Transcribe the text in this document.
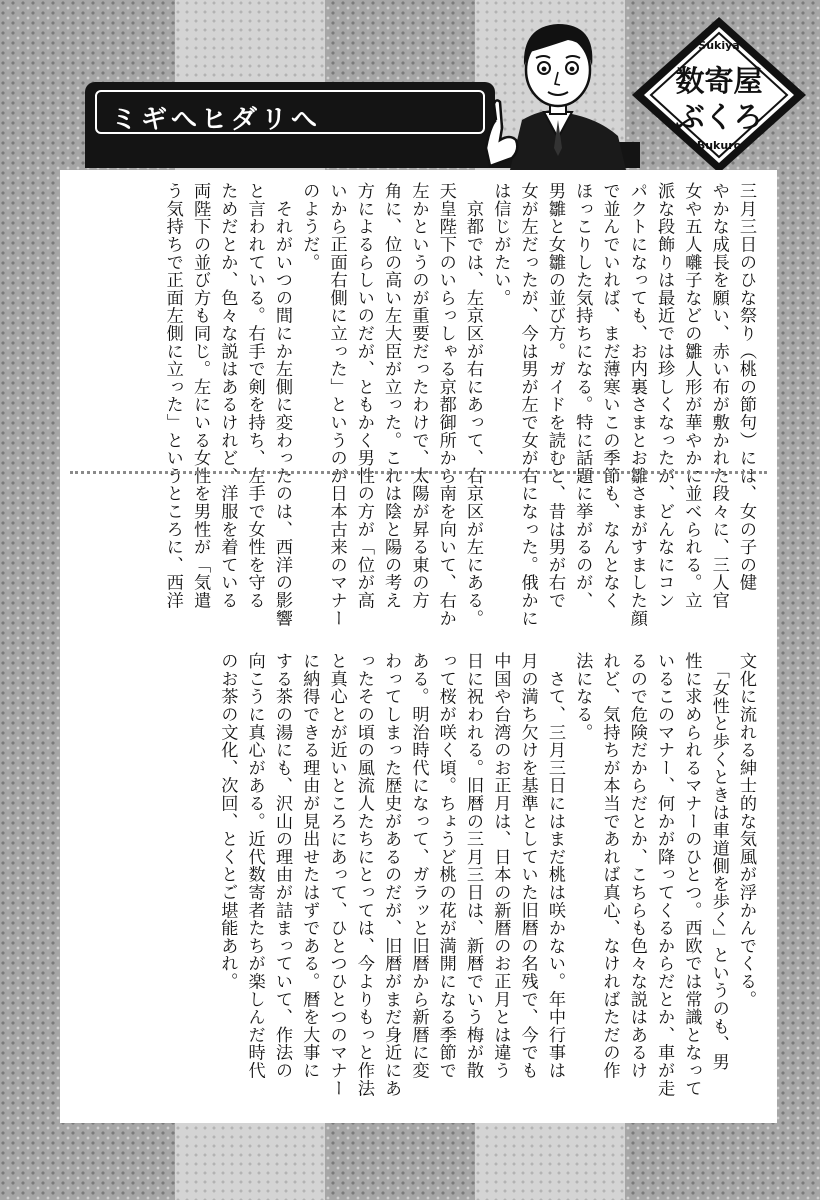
ミギへヒダリへ
Sukiya
数寄屋
ぶくろ
Bukuro

三月三日のひな祭り（桃の節句）には、女の子の健
やかな成長を願い、赤い布が敷かれた段々に、三人官
女や五人囃子などの雛人形が華やかに並べられる。立
派な段飾りは最近では珍しくなったが、どんなにコン
パクトになっても、お内裏さまとお雛さまがすました顔
で並んでいれば、まだ薄寒いこの季節も、なんとなく
ほっこりした気持ちになる。特に話題に挙がるのが、
男雛と女雛の並び方。ガイドを読むと、昔は男が右で
女が左だったが、今は男が左で女が右になった。俄かに
は信じがたい。
　京都では、左京区が右にあって、右京区が左にある。
天皇陛下のいらっしゃる京都御所から南を向いて、右か
左かというのが重要だったわけで、太陽が昇る東の方
角に、位の高い左大臣が立った。これは陰と陽の考え
方によるらしいのだが、ともかく男性の方が「位が高
いから正面右側に立った」というのが日本古来のマナー
のようだ。
　それがいつの間にか左側に変わったのは、西洋の影響
と言われている。右手で剣を持ち、左手で女性を守る
ためだとか、色々な説はあるけれど、洋服を着ている
両陛下の並び方も同じ。左にいる女性を男性が「気遣
う気持ちで正面左側に立った」というところに、西洋

文化に流れる紳士的な気風が浮かんでくる。
　「女性と歩くときは車道側を歩く」というのも、男
性に求められるマナーのひとつ。西欧では常識となって
いるこのマナー、何かが降ってくるからだとか、車が走
るので危険だからだとか、こちらも色々な説はあるけ
れど、気持ちが本当であれば真心、なければただの作
法になる。
　さて、三月三日にはまだ桃は咲かない。年中行事は
月の満ち欠けを基準としていた旧暦の名残で、今でも
中国や台湾のお正月は、日本の新暦のお正月とは違う
日に祝われる。旧暦の三月三日は、新暦でいう梅が散
って桜が咲く頃。ちょうど桃の花が満開になる季節で
ある。明治時代になって、ガラッと旧暦から新暦に変
わってしまった歴史があるのだが、旧暦がまだ身近にあ
ったその頃の風流人たちにとっては、今よりもっと作法
と真心とが近いところにあって、ひとつひとつのマナー
に納得できる理由が見出せたはずである。暦を大事に
する茶の湯にも、沢山の理由が詰まっていて、作法の
向こうに真心がある。近代数寄者たちが楽しんだ時代
のお茶の文化、次回、とくとご堪能あれ。
